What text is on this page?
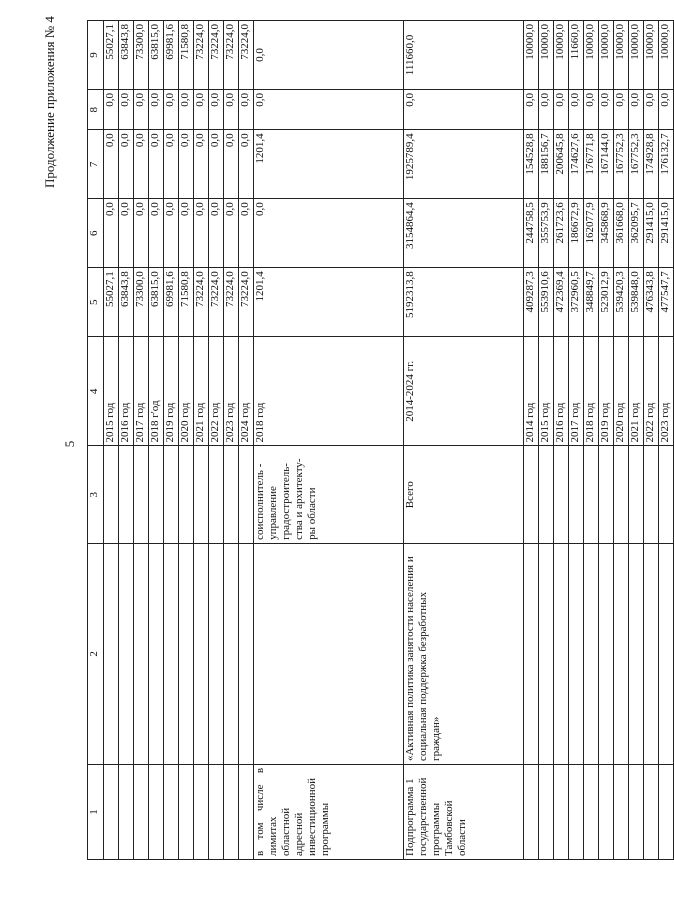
Продолжение приложения № 4
5
1	2	3	4	5	6	7	8	9
			2015 год	55027,1	0,0	0,0	0,0	55027,1
			2016 год	63843,8	0,0	0,0	0,0	63843,8
			2017 год	73300,0	0,0	0,0	0,0	73300,0
			2018 г'од	63815,0	0,0	0,0	0,0	63815,0
			2019 год	69981,6	0,0	0,0	0,0	69981,6
			2020 год	71580,8	0,0	0,0	0,0	71580,8
			2021 год	73224,0	0,0	0,0	0,0	73224,0
			2022 год	73224,0	0,0	0,0	0,0	73224,0
			2023 год	73224,0	0,0	0,0	0,0	73224,0
			2024 год	73224,0	0,0	0,0	0,0	73224,0
в том числе в лимитах областной адресной инвестиционной программы		соисполнитель - управление градостроитель-ства и архитекту-ры области	2018 год	1201,4	0,0	1201,4	0,0	0,0
Подпрограмма 1 государственной программы Тамбовской области	«Активная политика занятости населения и социальная поддержка безработных граждан»	Всего	2014-2024 гг.	5192313,8	3154864,4	1925789,4	0,0	111660,0
			2014 год	409287,3	244758,5	154528,8	0,0	10000,0
			2015 год	553910,6	355753,9	188156,7	0,0	10000,0
			2016 год	472369,4	261723,6	200645,8	0,0	10000,0
			2017 год	372960,5	186672,9	174627,6	0,0	11660,0
			2018 год	348849,7	162077,9	176771,8	0,0	10000,0
			2019 год	523012,9	345868,9	167144,0	0,0	10000,0
			2020 год	539420,3	361668,0	167752,3	0,0	10000,0
			2021 год	539848,0	362095,7	167752,3	0,0	10000,0
			2022 год	476343,8	291415,0	174928,8	0,0	10000,0
			2023 год	477547,7	291415,0	176132,7	0,0	10000,0
